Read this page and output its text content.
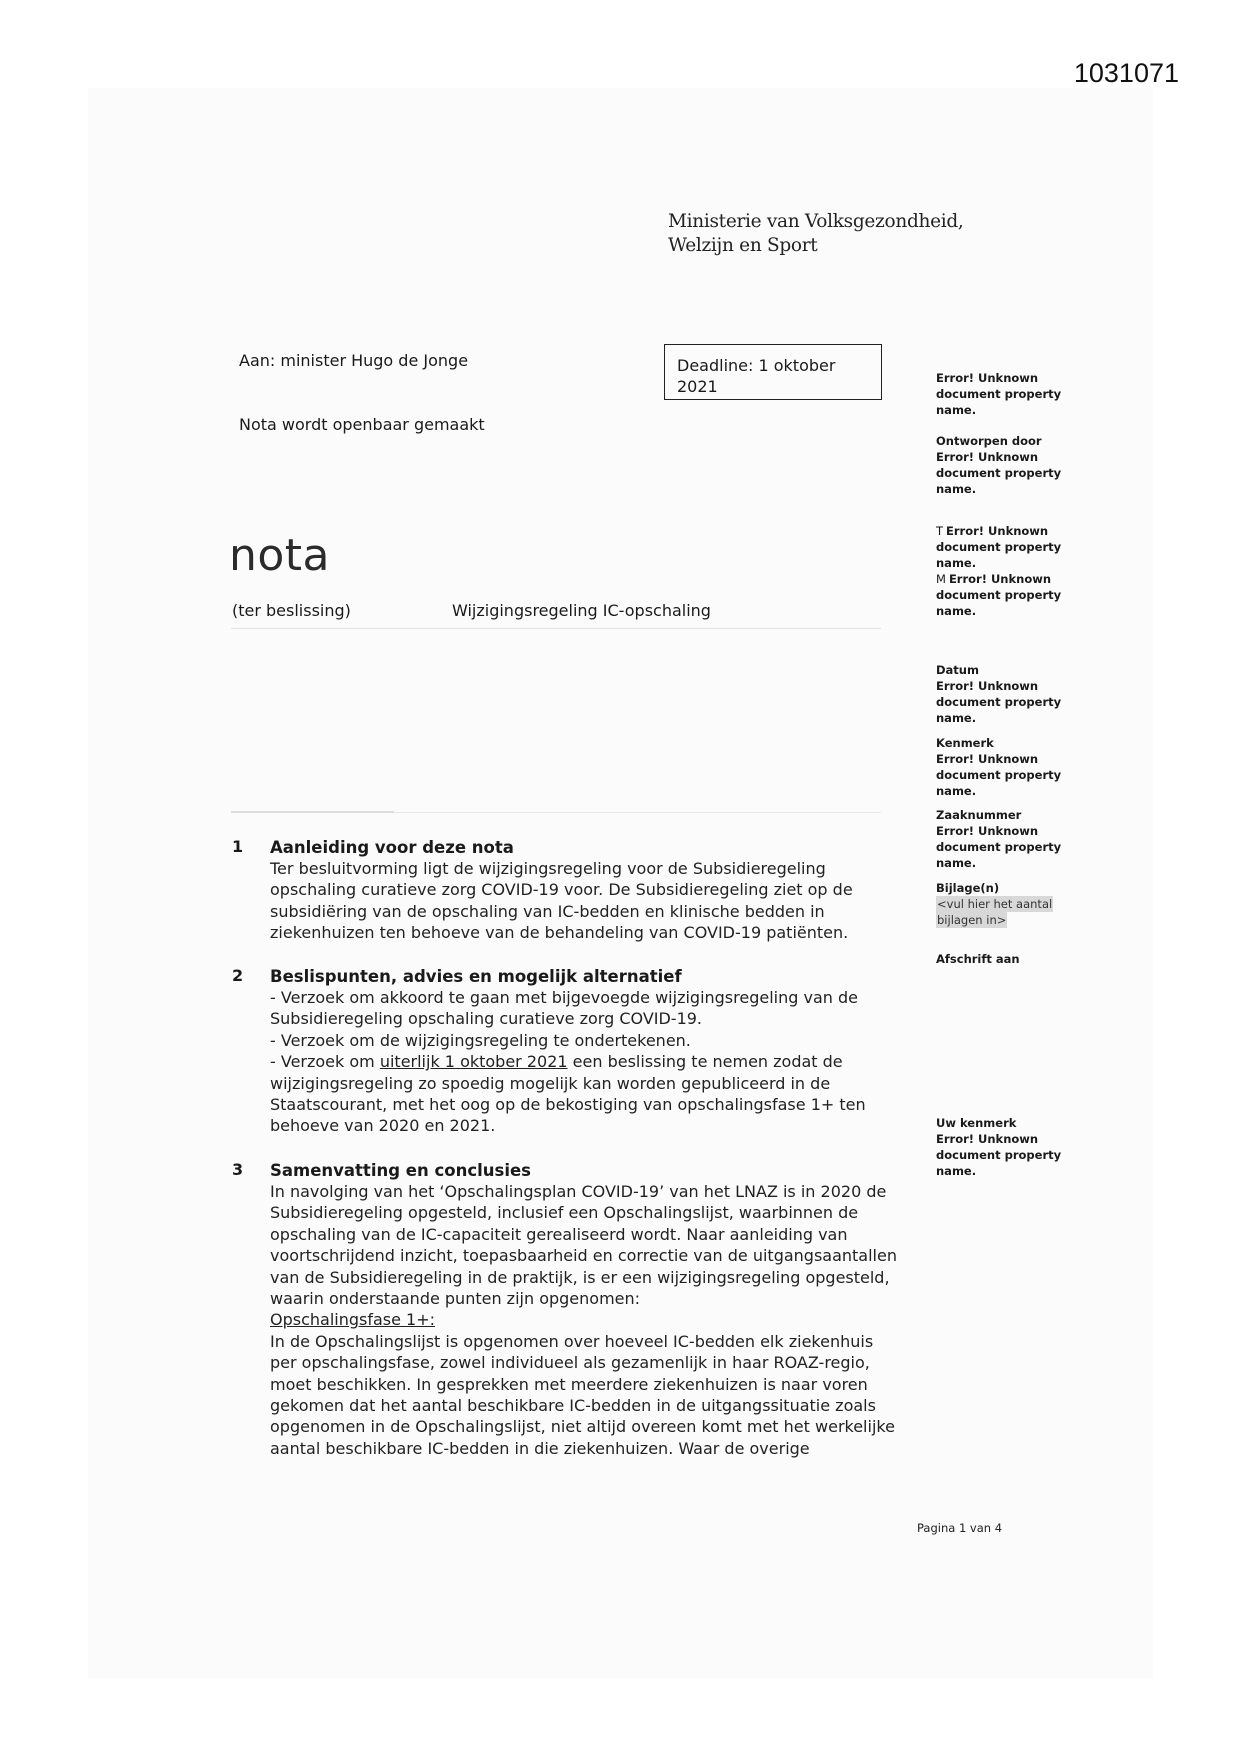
1031071
Ministerie van Volksgezondheid,
Welzijn en Sport
Aan: minister Hugo de Jonge
Nota wordt openbaar gemaakt
Deadline: 1 oktober
2021
nota
(ter beslissing)	Wijzigingsregeling IC-opschaling
1 Aanleiding voor deze nota

Ter besluitvorming ligt de wijzigingsregeling voor de Subsidieregeling

opschaling curatieve zorg COVID-19 voor. De Subsidieregeling ziet op de

subsidiëring van de opschaling van IC-bedden en klinische bedden in

ziekenhuizen ten behoeve van de behandeling van COVID-19 patiënten.

2 Beslispunten, advies en mogelijk alternatief

- Verzoek om akkoord te gaan met bijgevoegde wijzigingsregeling van de

Subsidieregeling opschaling curatieve zorg COVID-19.

- Verzoek om de wijzigingsregeling te ondertekenen.

- Verzoek om uiterlijk 1 oktober 2021 een beslissing te nemen zodat de

wijzigingsregeling zo spoedig mogelijk kan worden gepubliceerd in de

Staatscourant, met het oog op de bekostiging van opschalingsfase 1+ ten

behoeve van 2020 en 2021.

3 Samenvatting en conclusies

In navolging van het ‘Opschalingsplan COVID-19’ van het LNAZ is in 2020 de

Subsidieregeling opgesteld, inclusief een Opschalingslijst, waarbinnen de

opschaling van de IC-capaciteit gerealiseerd wordt. Naar aanleiding van

voortschrijdend inzicht, toepasbaarheid en correctie van de uitgangsaantallen

van de Subsidieregeling in de praktijk, is er een wijzigingsregeling opgesteld,

waarin onderstaande punten zijn opgenomen:

Opschalingsfase 1+:

In de Opschalingslijst is opgenomen over hoeveel IC-bedden elk ziekenhuis

per opschalingsfase, zowel individueel als gezamenlijk in haar ROAZ-regio,

moet beschikken. In gesprekken met meerdere ziekenhuizen is naar voren

gekomen dat het aantal beschikbare IC-bedden in de uitgangssituatie zoals

opgenomen in de Opschalingslijst, niet altijd overeen komt met het werkelijke

aantal beschikbare IC-bedden in die ziekenhuizen. Waar de overige

Error! Unknown
document property
name.
Ontworpen door
Error! Unknown
document property
name.
T Error! Unknown
document property
name.
M Error! Unknown
document property
name.
Datum
Error! Unknown
document property
name.
Kenmerk
Error! Unknown
document property
name.
Zaaknummer
Error! Unknown
document property
name.
Bijlage(n)
<vul hier het aantal
bijlagen in>
Afschrift aan
Uw kenmerk
Error! Unknown
document property
name.
Pagina 1 van 4
